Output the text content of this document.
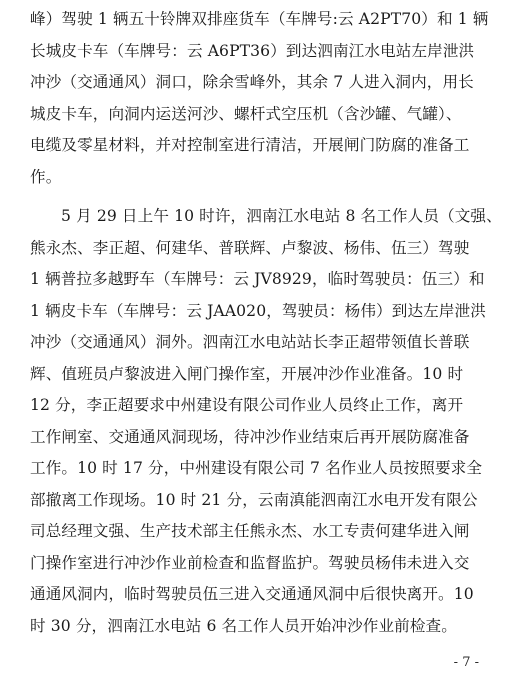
峰）驾驶 1 辆五十铃牌双排座货车（车牌号:云 A2PT70）和 1 辆
长城皮卡车（车牌号：云 A6PT36）到达泗南江水电站左岸泄洪
冲沙（交通通风）洞口，除余雪峰外，其余 7 人进入洞内，用长
城皮卡车，向洞内运送河沙、螺杆式空压机（含沙罐、气罐）、
电缆及零星材料，并对控制室进行清洁，开展闸门防腐的准备工
作。
5 月 29 日上午 10 时许，泗南江水电站 8 名工作人员（文强、
熊永杰、李正超、何建华、普联辉、卢黎波、杨伟、伍三）驾驶
1 辆普拉多越野车（车牌号：云 JV8929，临时驾驶员：伍三）和
1 辆皮卡车（车牌号：云 JAA020，驾驶员：杨伟）到达左岸泄洪
冲沙（交通通风）洞外。泗南江水电站站长李正超带领值长普联
辉、值班员卢黎波进入闸门操作室，开展冲沙作业准备。10 时
12 分，李正超要求中州建设有限公司作业人员终止工作，离开
工作闸室、交通通风洞现场，待冲沙作业结束后再开展防腐准备
工作。10 时 17 分，中州建设有限公司 7 名作业人员按照要求全
部撤离工作现场。10 时 21 分，云南滇能泗南江水电开发有限公
司总经理文强、生产技术部主任熊永杰、水工专责何建华进入闸
门操作室进行冲沙作业前检查和监督监护。驾驶员杨伟未进入交
通通风洞内，临时驾驶员伍三进入交通通风洞中后很快离开。10
时 30 分，泗南江水电站 6 名工作人员开始冲沙作业前检查。
- 7 -
